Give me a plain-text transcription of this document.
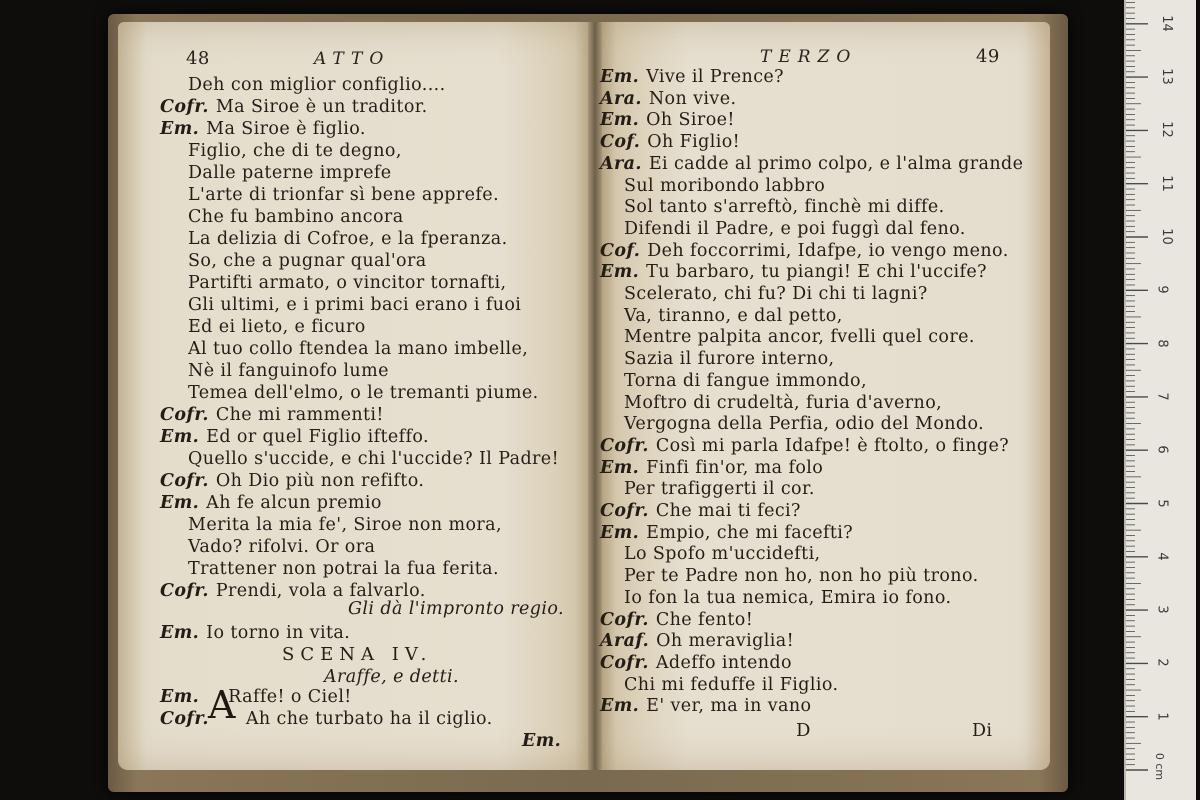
48	ATTO
Deh con miglior configlio....
Cofr. Ma Siroe è un traditor.
Em. Ma Siroe è figlio.
Figlio, che di te degno,
Dalle paterne imprefe
L'arte di trionfar sì bene apprefe.
Che fu bambino ancora
La delizia di Cofroe, e la fperanza.
So, che a pugnar qual'ora
Partifti armato, o vincitor tornafti,
Gli ultimi, e i primi baci erano i fuoi
Ed ei lieto, e ficuro
Al tuo collo ftendea la mano imbelle,
Nè il fanguinofo lume
Temea dell'elmo, o le tremanti piume.
Cofr. Che mi rammenti!
Em. Ed or quel Figlio ifteffo.
Quello s'uccide, e chi l'uccide? Il Padre!
Cofr. Oh Dio più non refifto.
Em. Ah fe alcun premio
Merita la mia fe', Siroe non mora,
Vado? rifolvi. Or ora
Trattener non potrai la fua ferita.
Cofr. Prendi, vola a falvarlo.
Gli dà l'impronto regio.
Em. Io torno in vita.
SCENA IV.
Araffe, e detti.
A
Em. Raffe! o Ciel!
Cofr. Ah che turbato ha il ciglio.
Em.
TERZO	49
Em. Vive il Prence?
Ara. Non vive.
Em. Oh Siroe!
Cof. Oh Figlio!
Ara. Ei cadde al primo colpo, e l'alma grande
Sul moribondo labbro
Sol tanto s'arreftò, finchè mi diffe.
Difendi il Padre, e poi fuggì dal feno.
Cof. Deh foccorrimi, Idafpe, io vengo meno.
Em. Tu barbaro, tu piangi! E chi l'uccife?
Scelerato, chi fu? Di chi ti lagni?
Va, tiranno, e dal petto,
Mentre palpita ancor, fvelli quel core.
Sazia il furore interno,
Torna di fangue immondo,
Moftro di crudeltà, furia d'averno,
Vergogna della Perfia, odio del Mondo.
Cofr. Così mi parla Idafpe! è ftolto, o finge?
Em. Finfi fin'or, ma folo
Per trafiggerti il cor.
Cofr. Che mai ti feci?
Em. Empio, che mi facefti?
Lo Spofo m'uccidefti,
Per te Padre non ho, non ho più trono.
Io fon la tua nemica, Emira io fono.
Cofr. Che fento!
Araf. Oh meraviglia!
Cofr. Adeffo intendo
Chi mi feduffe il Figlio.
Em. E' ver, ma in vano
D	Di
14
13
12
11
10
9
8
7
6
5
4
3
2
1
0 cm
